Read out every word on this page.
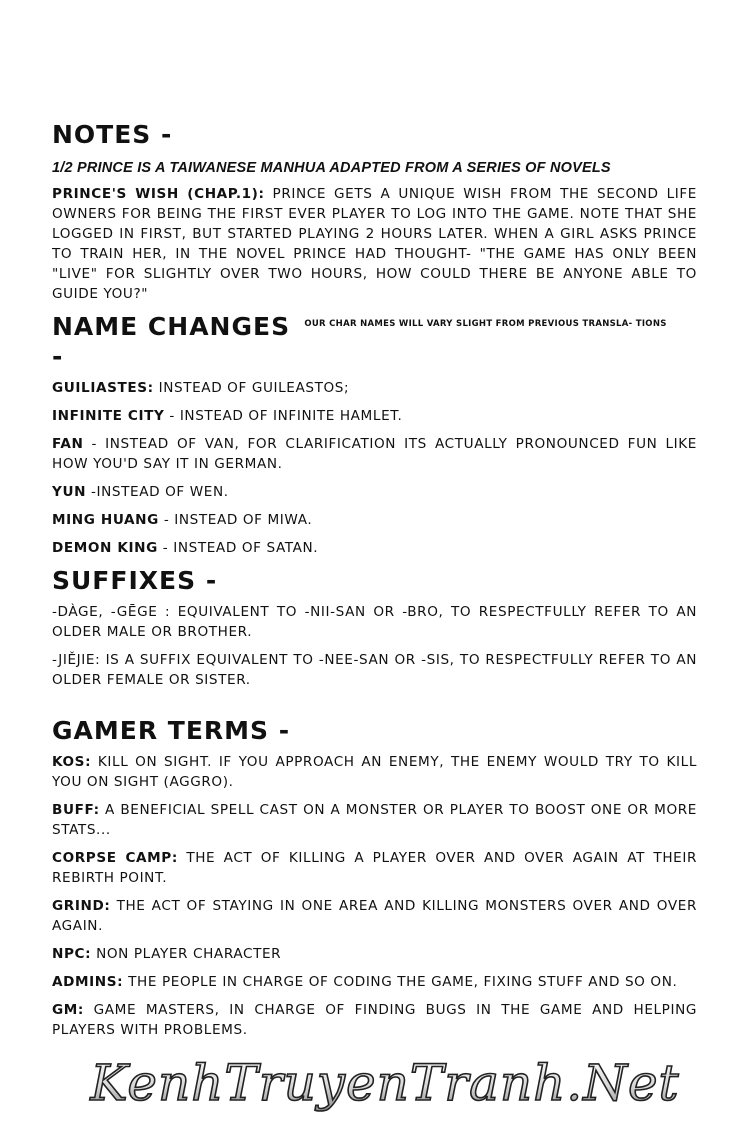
NOTES -

1/2 PRINCE IS A TAIWANESE MANHUA ADAPTED FROM A SERIES OF NOVELS

PRINCE'S WISH (CHAP.1): PRINCE GETS A UNIQUE WISH FROM THE SECOND LIFE OWNERS FOR BEING THE FIRST EVER PLAYER TO LOG INTO THE GAME. NOTE THAT SHE LOGGED IN FIRST, BUT STARTED PLAYING 2 HOURS LATER. WHEN A GIRL ASKS PRINCE TO TRAIN HER, IN THE NOVEL PRINCE HAD THOUGHT- "THE GAME HAS ONLY BEEN "LIVE" FOR SLIGHTLY OVER TWO HOURS, HOW COULD THERE BE ANYONE ABLE TO GUIDE YOU?"

NAME CHANGES -
OUR CHAR NAMES WILL VARY SLIGHT FROM PREVIOUS TRANSLA- TIONS

GUILIASTES: INSTEAD OF GUILEASTOS;

INFINITE CITY - INSTEAD OF INFINITE HAMLET.

FAN - INSTEAD OF VAN, FOR CLARIFICATION ITS ACTUALLY PRONOUNCED FUN LIKE HOW YOU'D SAY IT IN GERMAN.

YUN -INSTEAD OF WEN.

MING HUANG - INSTEAD OF MIWA.

DEMON KING - INSTEAD OF SATAN.

SUFFIXES -

-DÀGE, -GĒGE : EQUIVALENT TO -NII-SAN OR -BRO, TO RESPECTFULLY REFER TO AN OLDER MALE OR BROTHER.

-JIĚJIE: IS A SUFFIX EQUIVALENT TO -NEE-SAN OR -SIS, TO RESPECTFULLY REFER TO AN OLDER FEMALE OR SISTER.

GAMER TERMS -

KOS: KILL ON SIGHT. IF YOU APPROACH AN ENEMY, THE ENEMY WOULD TRY TO KILL YOU ON SIGHT (AGGRO).

BUFF: A BENEFICIAL SPELL CAST ON A MONSTER OR PLAYER TO BOOST ONE OR MORE STATS...

CORPSE CAMP: THE ACT OF KILLING A PLAYER OVER AND OVER AGAIN AT THEIR REBIRTH POINT.

GRIND: THE ACT OF STAYING IN ONE AREA AND KILLING MONSTERS OVER AND OVER AGAIN.

NPC: NON PLAYER CHARACTER

ADMINS: THE PEOPLE IN CHARGE OF CODING THE GAME, FIXING STUFF AND SO ON.

GM: GAME MASTERS, IN CHARGE OF FINDING BUGS IN THE GAME AND HELPING PLAYERS WITH PROBLEMS.

KenhTruyenTranh.Net
